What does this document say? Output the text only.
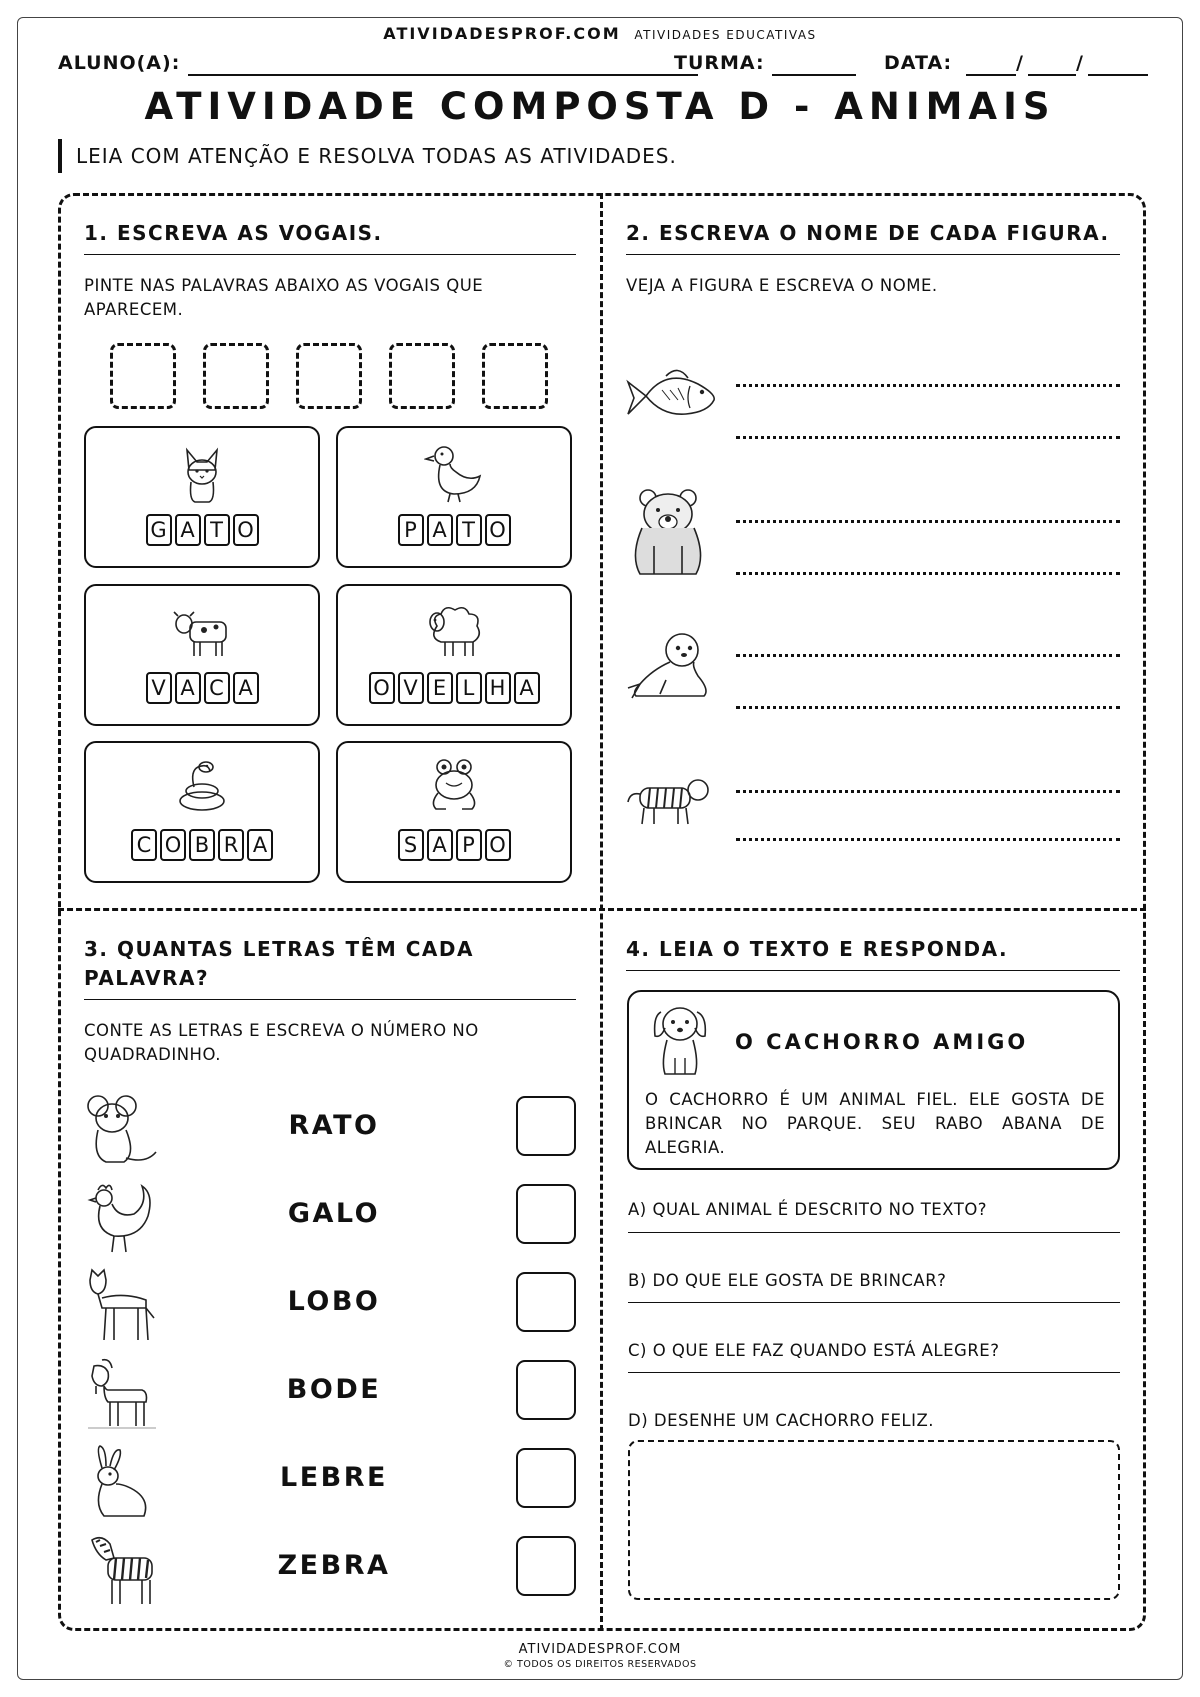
ATIVIDADESPROF.COM ATIVIDADES EDUCATIVAS
ALUNO(A):	TURMA:	DATA:	/	/
ATIVIDADE COMPOSTA D - ANIMAIS
LEIA COM ATENÇÃO E RESOLVA TODAS AS ATIVIDADES.
1. ESCREVA AS VOGAIS.
PINTE NAS PALAVRAS ABAIXO AS VOGAIS QUE APARECEM.
G A T O	P A T O
V A C A	O V E L H A
C O B R A	S A P O
2. ESCREVA O NOME DE CADA FIGURA.
VEJA A FIGURA E ESCREVA O NOME.
3. QUANTAS LETRAS TÊM CADA PALAVRA?
CONTE AS LETRAS E ESCREVA O NÚMERO NO QUADRADINHO.
RATO
GALO
LOBO
BODE
LEBRE
ZEBRA
4. LEIA O TEXTO E RESPONDA.
O CACHORRO AMIGO
O CACHORRO É UM ANIMAL FIEL. ELE GOSTA DE BRINCAR NO PARQUE. SEU RABO ABANA DE ALEGRIA.
A) QUAL ANIMAL É DESCRITO NO TEXTO?
B) DO QUE ELE GOSTA DE BRINCAR?
C) O QUE ELE FAZ QUANDO ESTÁ ALEGRE?
D) DESENHE UM CACHORRO FELIZ.
ATIVIDADESPROF.COM
© TODOS OS DIREITOS RESERVADOS
